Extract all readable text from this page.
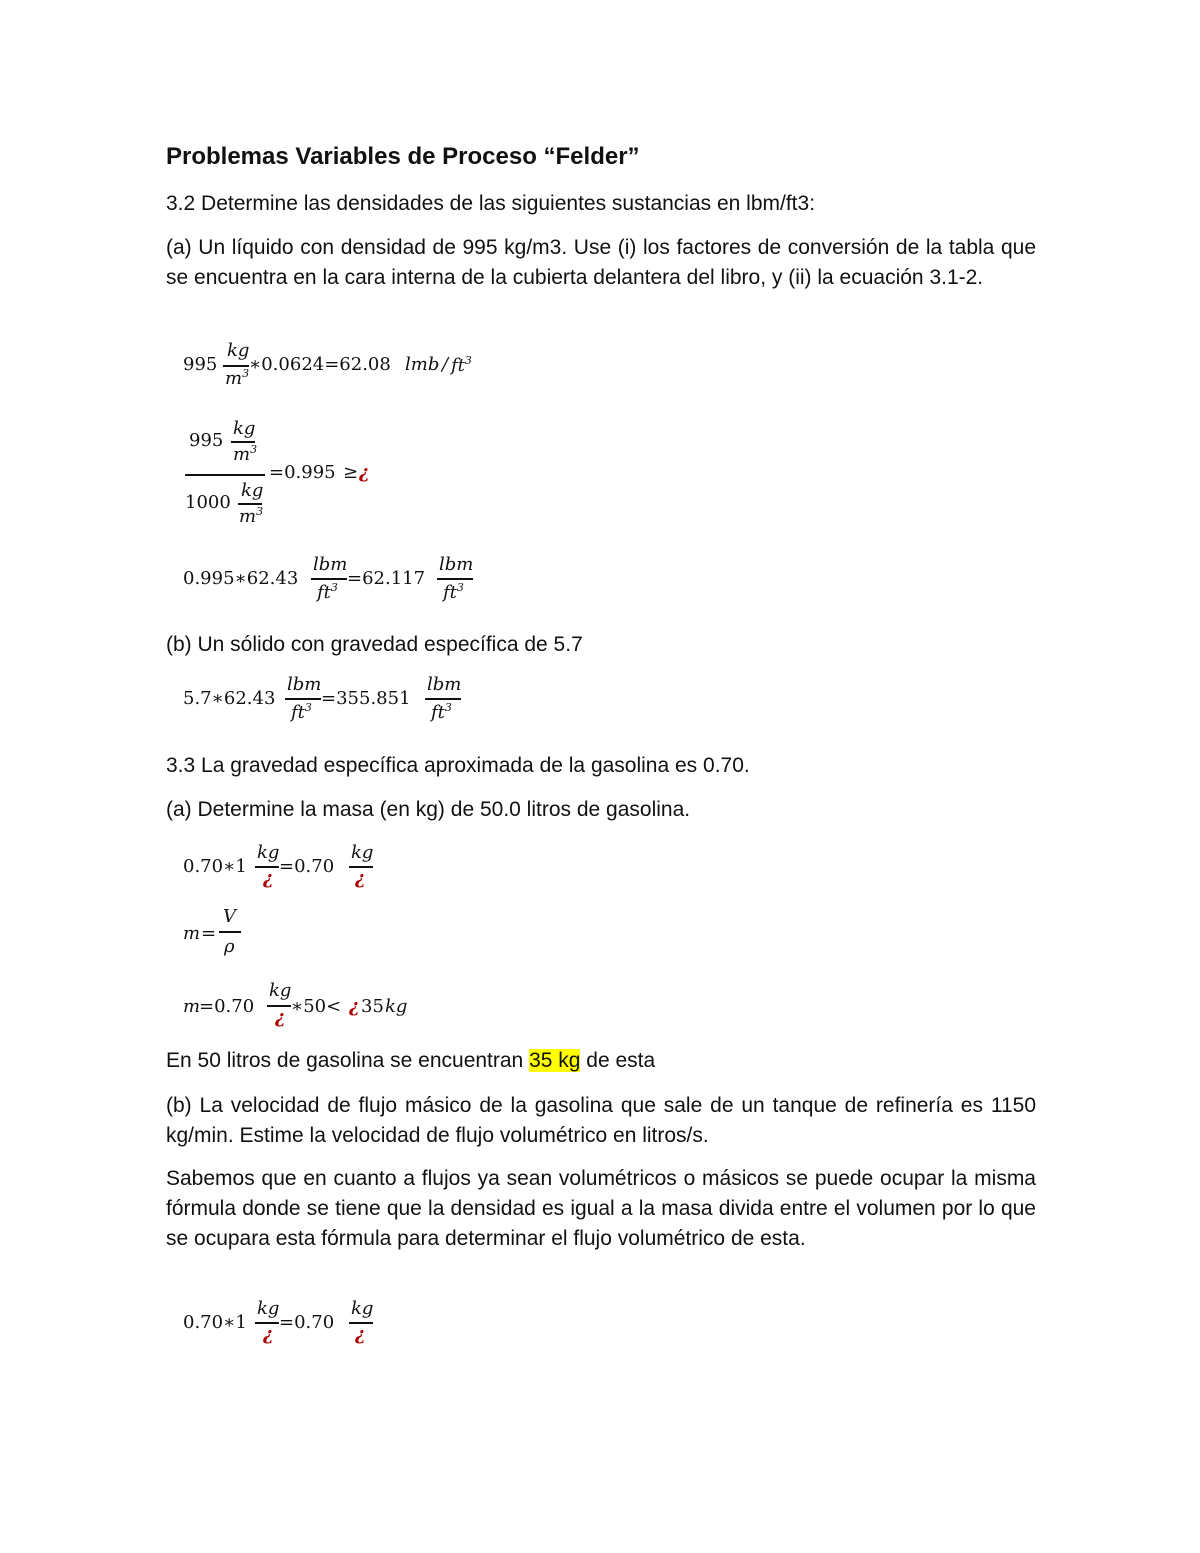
Problemas Variables de Proceso “Felder”
3.2 Determine las densidades de las siguientes sustancias en lbm/ft3:
(a) Un líquido con densidad de 995 kg/m3. Use (i) los factores de conversión de la tabla que se encuentra en la cara interna de la cubierta delantera del libro, y (ii) la ecuación 3.1-2.
995
kg
$m^3$ ∗0.0624=62.08 lmb / $ft^3$
995
kg
$m^3$
1000
kg
$m^3$
=0.995 ≥ ¿
0.995∗62.43
lbm
$ft^3 =62.117$
lbm
$ft^3$
(b) Un sólido con gravedad específica de 5.7
5.7∗62.43
lbm
$ft^3 =355.851$
lbm
$ft^3$
3.3 La gravedad específica aproximada de la gasolina es 0.70.
(a) Determine la masa (en kg) de 50.0 litros de gasolina.
0.70∗1
kg
¿
=0.70
kg
¿
m =
V
ρ
m
=0.70
kg
¿
∗50< ¿ 35 kg
En 50 litros de gasolina se encuentran 35 kg de esta
(b) La velocidad de flujo másico de la gasolina que sale de un tanque de refinería es 1150 kg/min. Estime la velocidad de flujo volumétrico en litros/s.
Sabemos que en cuanto a flujos ya sean volumétricos o másicos se puede ocupar la misma fórmula donde se tiene que la densidad es igual a la masa divida entre el volumen por lo que se ocupara esta fórmula para determinar el flujo volumétrico de esta.
0.70∗1
kg
¿
=0.70
kg
¿
